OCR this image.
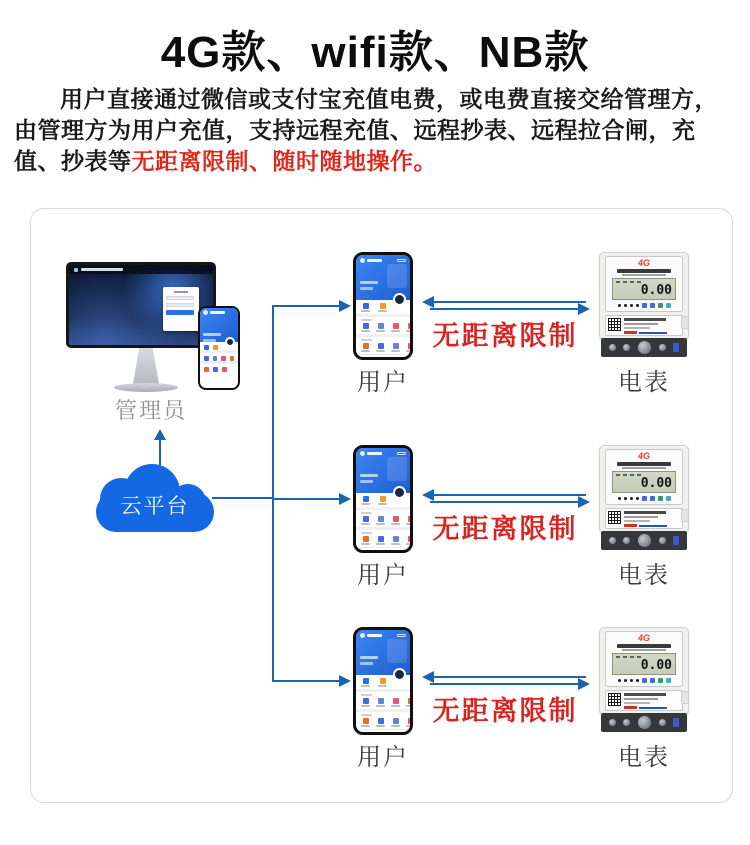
4G款、wifi款、NB款

用户直接通过微信或支付宝充值电费，或电费直接交给管理方，由管理方为用户充值，支持远程充值、远程抄表、远程拉合闸，充值、抄表等无距离限制、随时随地操作。

管理员
云平台
用户
无距离限制
4G
0.00
电表
用户
无距离限制
4G
0.00
电表
用户
无距离限制
4G
0.00
电表
